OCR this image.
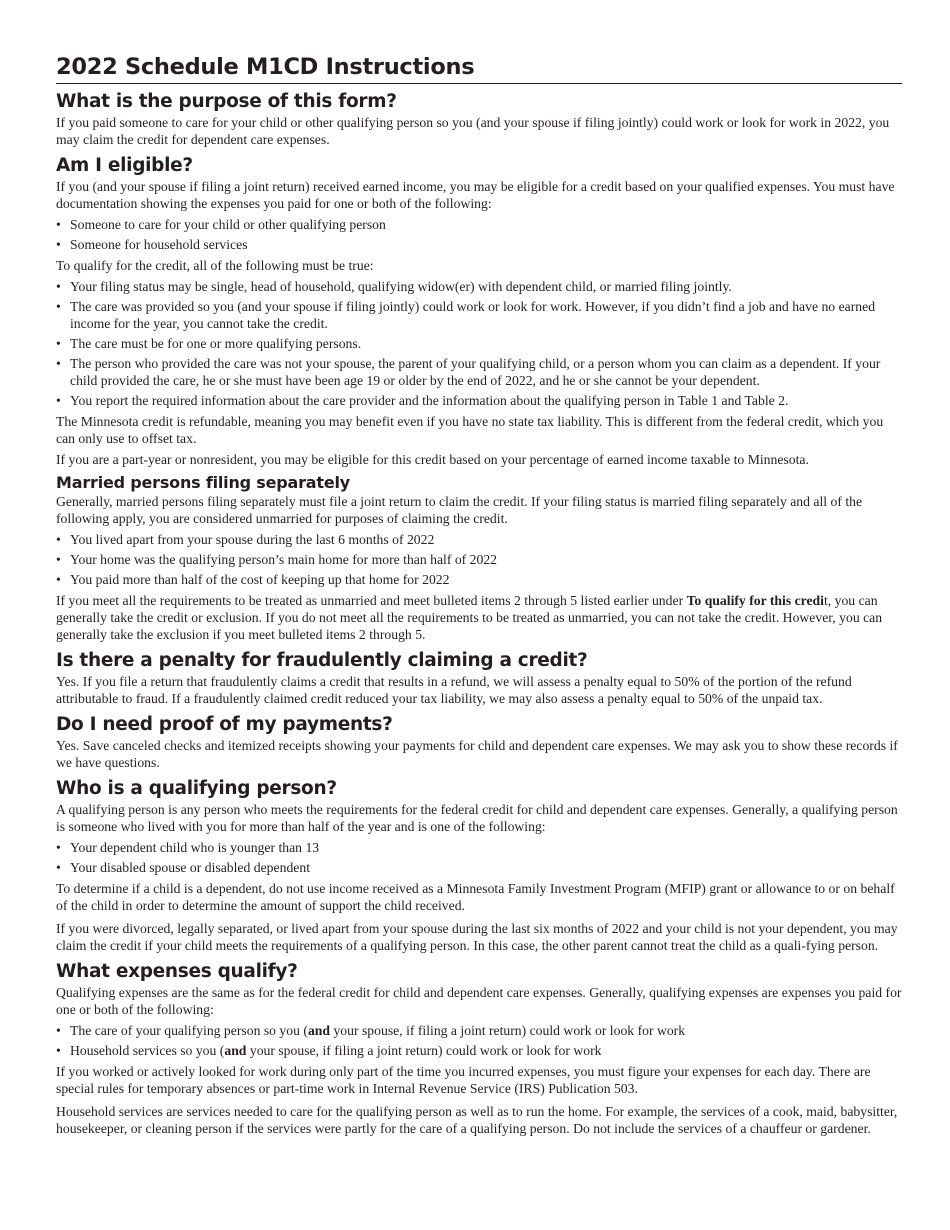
2022 Schedule M1CD Instructions
What is the purpose of this form?

If you paid someone to care for your child or other qualifying person so you (and your spouse if filing jointly) could work or look for work in 2022, you may claim the credit for dependent care expenses.

Am I eligible?

If you (and your spouse if filing a joint return) received earned income, you may be eligible for a credit based on your qualified expenses. You must have documentation showing the expenses you paid for one or both of the following:

• Someone to care for your child or other qualifying person
• Someone for household services

To qualify for the credit, all of the following must be true:

• Your filing status may be single, head of household, qualifying widow(er) with dependent child, or married filing jointly.
• The care was provided so you (and your spouse if filing jointly) could work or look for work. However, if you didn’t find a job and have no earned income for the year, you cannot take the credit.
• The care must be for one or more qualifying persons.
• The person who provided the care was not your spouse, the parent of your qualifying child, or a person whom you can claim as a dependent. If your child provided the care, he or she must have been age 19 or older by the end of 2022, and he or she cannot be your dependent.
• You report the required information about the care provider and the information about the qualifying person in Table 1 and Table 2.

The Minnesota credit is refundable, meaning you may benefit even if you have no state tax liability. This is different from the federal credit, which you can only use to offset tax.

If you are a part-year or nonresident, you may be eligible for this credit based on your percentage of earned income taxable to Minnesota.

Married persons filing separately

Generally, married persons filing separately must file a joint return to claim the credit. If your filing status is married filing separately and all of the following apply, you are considered unmarried for purposes of claiming the credit.

• You lived apart from your spouse during the last 6 months of 2022
• Your home was the qualifying person’s main home for more than half of 2022
• You paid more than half of the cost of keeping up that home for 2022

If you meet all the requirements to be treated as unmarried and meet bulleted items 2 through 5 listed earlier under To qualify for this credit, you can generally take the credit or exclusion. If you do not meet all the requirements to be treated as unmarried, you can not take the credit. However, you can generally take the exclusion if you meet bulleted items 2 through 5.

Is there a penalty for fraudulently claiming a credit?

Yes. If you file a return that fraudulently claims a credit that results in a refund, we will assess a penalty equal to 50% of the portion of the refund attributable to fraud. If a fraudulently claimed credit reduced your tax liability, we may also assess a penalty equal to 50% of the unpaid tax.

Do I need proof of my payments?

Yes. Save canceled checks and itemized receipts showing your payments for child and dependent care expenses. We may ask you to show these records if we have questions.

Who is a qualifying person?

A qualifying person is any person who meets the requirements for the federal credit for child and dependent care expenses. Generally, a qualifying person is someone who lived with you for more than half of the year and is one of the following:

• Your dependent child who is younger than 13
• Your disabled spouse or disabled dependent

To determine if a child is a dependent, do not use income received as a Minnesota Family Investment Program (MFIP) grant or allowance to or on behalf of the child in order to determine the amount of support the child received.

If you were divorced, legally separated, or lived apart from your spouse during the last six months of 2022 and your child is not your dependent, you may claim the credit if your child meets the requirements of a qualifying person. In this case, the other parent cannot treat the child as a quali-fying person.

What expenses qualify?

Qualifying expenses are the same as for the federal credit for child and dependent care expenses. Generally, qualifying expenses are expenses you paid for one or both of the following:

• The care of your qualifying person so you (and your spouse, if filing a joint return) could work or look for work
• Household services so you (and your spouse, if filing a joint return) could work or look for work

If you worked or actively looked for work during only part of the time you incurred expenses, you must figure your expenses for each day. There are special rules for temporary absences or part-time work in Internal Revenue Service (IRS) Publication 503.

Household services are services needed to care for the qualifying person as well as to run the home. For example, the services of a cook, maid, babysitter, housekeeper, or cleaning person if the services were partly for the care of a qualifying person. Do not include the services of a chauffeur or gardener.
